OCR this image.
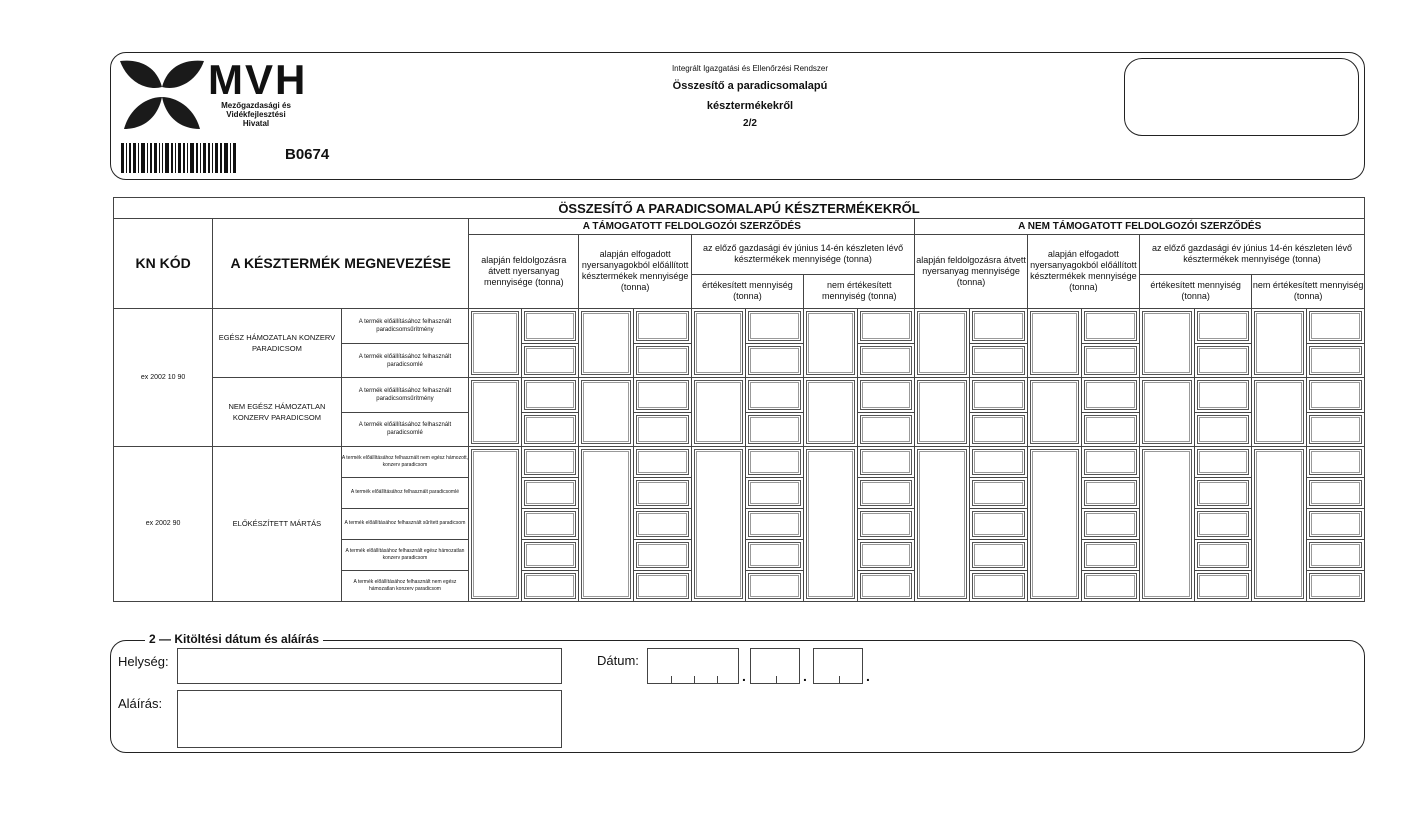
MVH
Mezőgazdasági és
Vidékfejlesztési
Hivatal
B0674
Integrált Igazgatási és Ellenőrzési Rendszer
Összesítő a paradicsomalapú
késztermékekről
2/2
ÖSSZESÍTŐ A PARADICSOMALAPÚ KÉSZTERMÉKEKRŐL																		
KN KÓD	A KÉSZTERMÉK MEGNEVEZÉSE		A TÁMOGATOTT FELDOLGOZÓI SZERZŐDÉS								A NEM TÁMOGATOTT FELDOLGOZÓI SZERZŐDÉS							
			alapján feldolgozásra átvett nyersanyag mennyisége (tonna)		alapján elfogadott nyersanyagokból előállított késztermékek mennyisége (tonna)		az előző gazdasági év június 14-én készleten lévő késztermékek mennyisége (tonna)				alapján feldolgozásra átvett nyersanyag mennyisége (tonna)		alapján elfogadott nyersanyagokból előállított késztermékek mennyisége (tonna)		az előző gazdasági év június 14-én készleten lévő késztermékek mennyisége (tonna)			
							értékesített mennyiség (tonna)		nem értékesített mennyiség (tonna)						értékesített mennyiség (tonna)		nem értékesített mennyiség (tonna)	

ex 2002 10 90	EGÉSZ HÁMOZATLAN KONZERV PARADICSOM	A termék előállításához felhasznált paradicsomsűrítmény	

		A termék előállításához felhasznált paradicsomlé									

	NEM EGÉSZ HÁMOZATLAN KONZERV PARADICSOM	A termék előállításához felhasznált paradicsomsűrítmény	

		A termék előállításához felhasznált paradicsomlé									

ex 2002 90	ELŐKÉSZÍTETT MÁRTÁS	A termék előállításához felhasznált nem egész hámozott, konzerv paradicsom	

		A termék előállításához felhasznált paradicsomlé									

		A termék előállításához felhasznált sűrített paradicsom									

		A termék előállításához felhasznált egész hámozatlan konzerv paradicsom									

		A termék előállításához felhasznált nem egész hámozatlan konzerv paradicsom									

2 — Kitöltési dátum és aláírás
Helység:
Aláírás:
Dátum:
.	.	.
